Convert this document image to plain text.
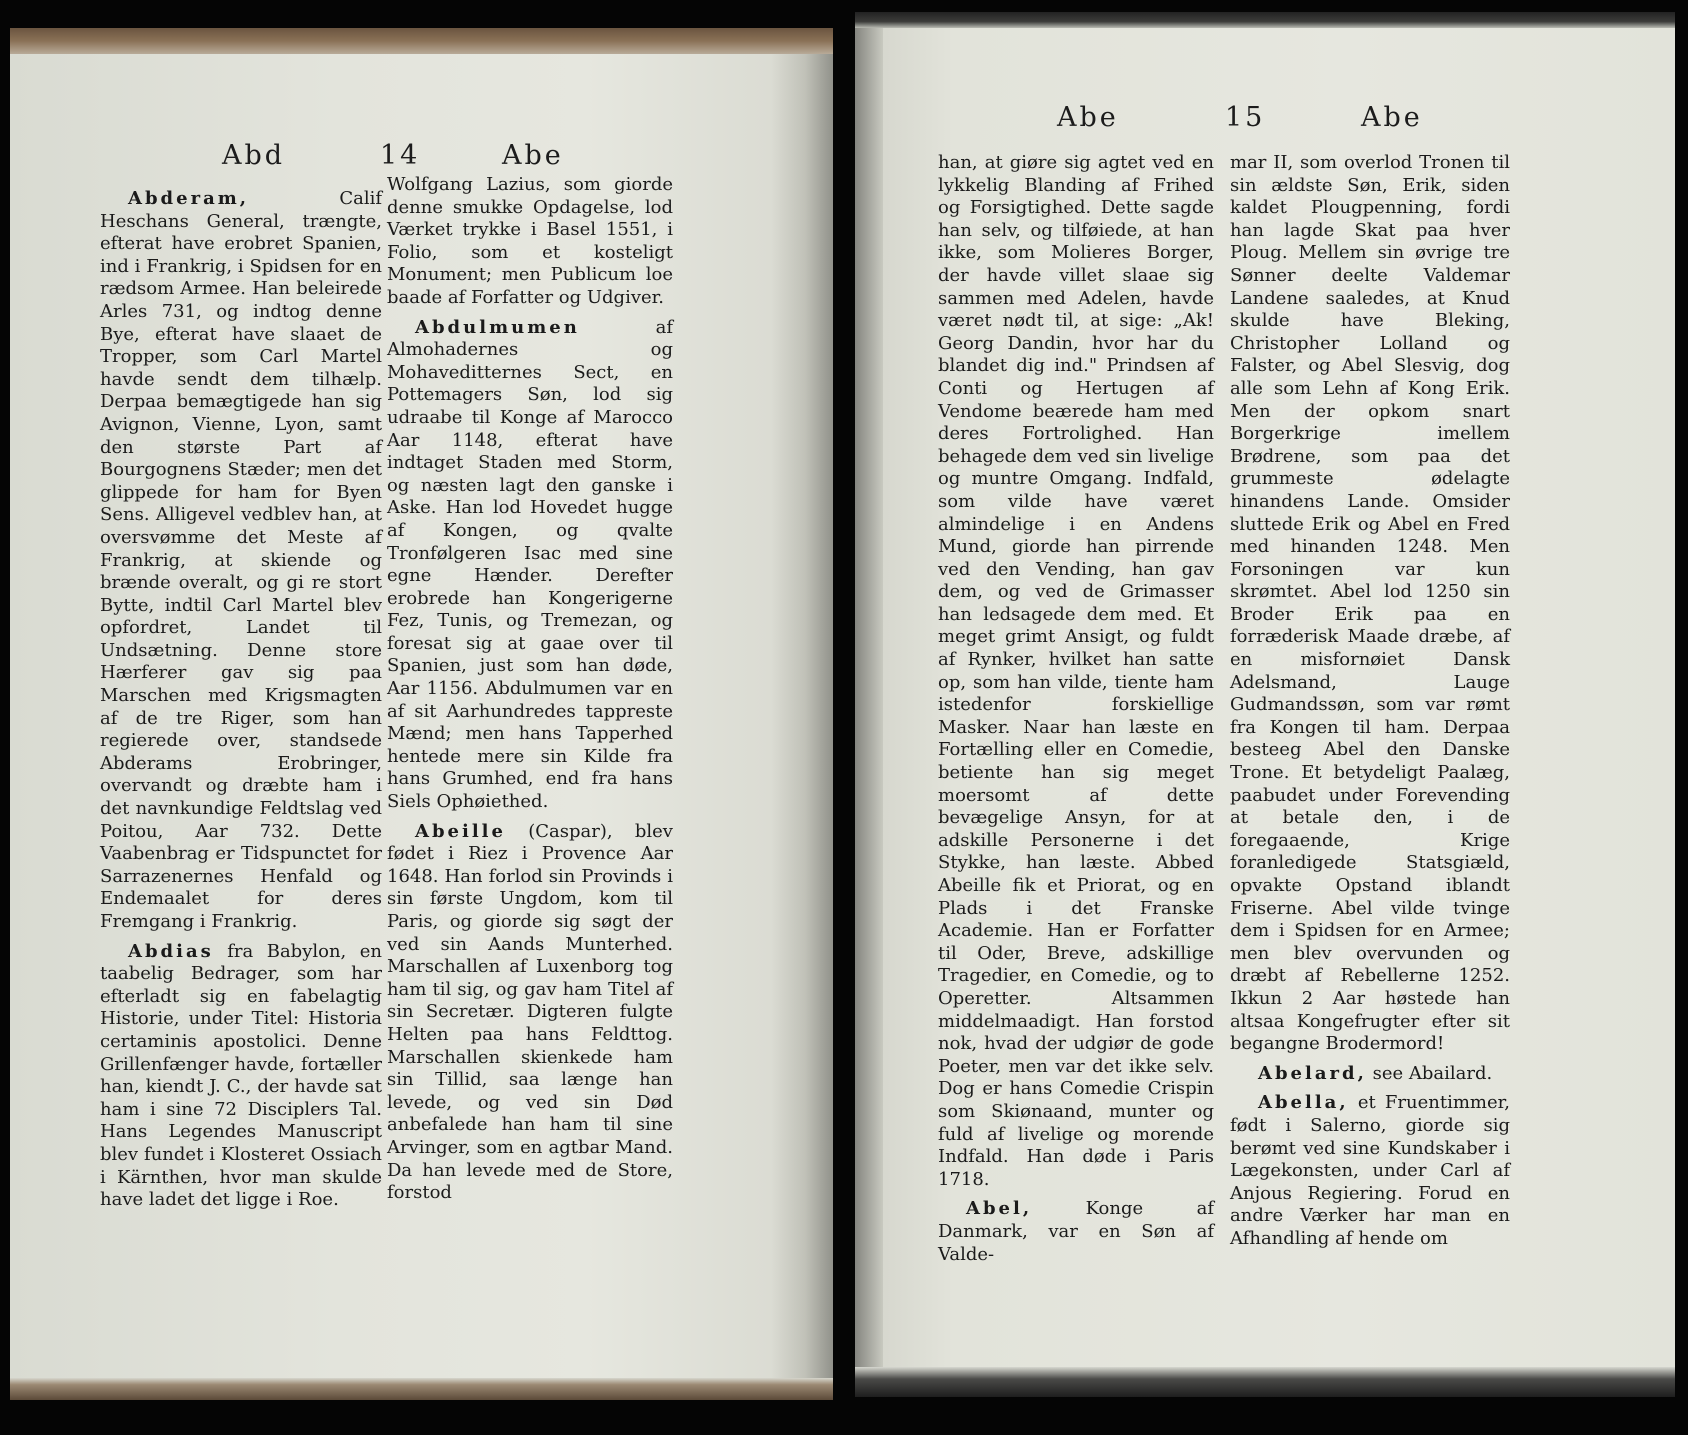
Abd	14	Abe

Abderam,	Calif Heschans General, trængte, efterat have erobret Spanien, ind i Frankrig, i Spidsen for en rædsom Armee. Han beleirede Arles 731, og indtog denne Bye, efterat have slaaet de Tropper, som Carl Martel havde sendt dem tilhælp. Derpaa bemægtigede han sig Avignon, Vienne, Lyon, samt den største Part af Bourgognens Stæder; men det glippede for ham for Byen Sens. Alligevel vedblev han, at oversvømme det Meste af Frankrig, at skiende og brænde overalt, og gi re stort Bytte, indtil Carl Martel blev opfordret, Landet til Undsætning. Denne store Hærferer gav sig paa Marschen med Krigsmagten af de tre Riger, som han regierede over, standsede Abderams Erobringer, overvandt og dræbte ham i det navnkundige Feldtslag ved Poitou, Aar 732. Dette Vaabenbrag er Tidspunctet for Sarrazenernes Henfald og Endemaalet for deres Fremgang i Frankrig.

Abdias fra Babylon, en taabelig Bedrager, som har efterladt sig en fabelagtig Historie, under Titel: Historia certaminis apostolici. Denne Grillenfænger havde, fortæller han, kiendt J. C., der havde sat ham i sine 72 Disciplers Tal. Hans Legendes Manuscript blev fundet i Klosteret Ossiach i Kärnthen, hvor man skulde have ladet det ligge i Roe.

Wolfgang Lazius, som giorde denne smukke Opdagelse, lod Værket trykke i Basel 1551, i Folio, som et kosteligt Monument; men Publicum loe baade af Forfatter og Udgiver.

Abdulmumen	af Almohadernes og Mohaveditternes Sect, en Pottemagers Søn, lod sig udraabe til Konge af Marocco Aar 1148, efterat have indtaget Staden med Storm, og næsten lagt den ganske i Aske. Han lod Hovedet hugge af Kongen, og qvalte Tronfølgeren Isac med sine egne Hænder. Derefter erobrede han Kongerigerne Fez, Tunis, og Tremezan, og foresat sig at gaae over til Spanien, just som han døde, Aar 1156. Abdulmumen var en af sit Aarhundredes tappreste Mænd; men hans Tapperhed hentede mere sin Kilde fra hans Grumhed, end fra hans Siels Ophøiethed.

Abeille (Caspar), blev fødet i Riez i Provence Aar 1648. Han forlod sin Provinds i sin første Ungdom, kom til Paris, og giorde sig søgt der ved sin Aands Munterhed. Marschallen af Luxenborg tog ham til sig, og gav ham Titel af sin Secretær. Digteren fulgte Helten paa hans Feldttog. Marschallen skienkede ham sin Tillid, saa længe han levede, og ved sin Død anbefalede han ham til sine Arvinger, som en agtbar Mand. Da han levede med de Store, forstod

Abe	15	Abe

han, at giøre sig agtet ved en lykkelig Blanding af Frihed og Forsigtighed. Dette sagde han selv, og tilføiede, at han ikke, som Molieres Borger, der havde villet slaae sig sammen med Adelen, havde været nødt til, at sige: „Ak! Georg Dandin, hvor har du blandet dig ind." Prindsen af Conti og Hertugen af Vendome beærede ham med deres Fortrolighed. Han behagede dem ved sin livelige og muntre Omgang. Indfald, som vilde have været almindelige i en Andens Mund, giorde han pirrende ved den Vending, han gav dem, og ved de Grimasser han ledsagede dem med. Et meget grimt Ansigt, og fuldt af Rynker, hvilket han satte op, som han vilde, tiente ham istedenfor forskiellige Masker. Naar han læste en Fortælling eller en Comedie, betiente han sig meget moersomt af dette bevægelige Ansyn, for at adskille Personerne i det Stykke, han læste. Abbed Abeille fik et Priorat, og en Plads i det Franske Academie. Han er Forfatter til Oder, Breve, adskillige Tragedier, en Comedie, og to Operetter. Altsammen middelmaadigt. Han forstod nok, hvad der udgiør de gode Poeter, men var det ikke selv. Dog er hans Comedie Crispin som Skiønaand, munter og fuld af livelige og morende Indfald. Han døde i Paris 1718.

Abel,	Konge af Danmark, var en Søn af Valde-

mar II, som overlod Tronen til sin ældste Søn, Erik, siden kaldet Plougpenning, fordi han lagde Skat paa hver Ploug. Mellem sin øvrige tre Sønner deelte Valdemar Landene saaledes, at Knud skulde have Bleking, Christopher Lolland og Falster, og Abel Slesvig, dog alle som Lehn af Kong Erik. Men der opkom snart Borgerkrige imellem Brødrene, som paa det grummeste ødelagte hinandens Lande. Omsider sluttede Erik og Abel en Fred med hinanden 1248. Men Forsoningen var kun skrømtet. Abel lod 1250 sin Broder Erik paa en forræderisk Maade dræbe, af en misfornøiet Dansk Adelsmand, Lauge Gudmandssøn, som var rømt fra Kongen til ham. Derpaa besteeg Abel den Danske Trone. Et betydeligt Paalæg, paabudet under Forevending at betale den, i de foregaaende, Krige foranledigede Statsgiæld, opvakte Opstand iblandt Friserne. Abel vilde tvinge dem i Spidsen for en Armee; men blev overvunden og dræbt af Rebellerne 1252. Ikkun 2 Aar høstede han altsaa Kongefrugter efter sit begangne Brodermord!

Abelard, see Abailard.

Abella, et Fruentimmer, født i Salerno, giorde sig berømt ved sine Kundskaber i Lægekonsten, under Carl af Anjous Regiering. Forud en andre Værker har man en Afhandling af hende om
